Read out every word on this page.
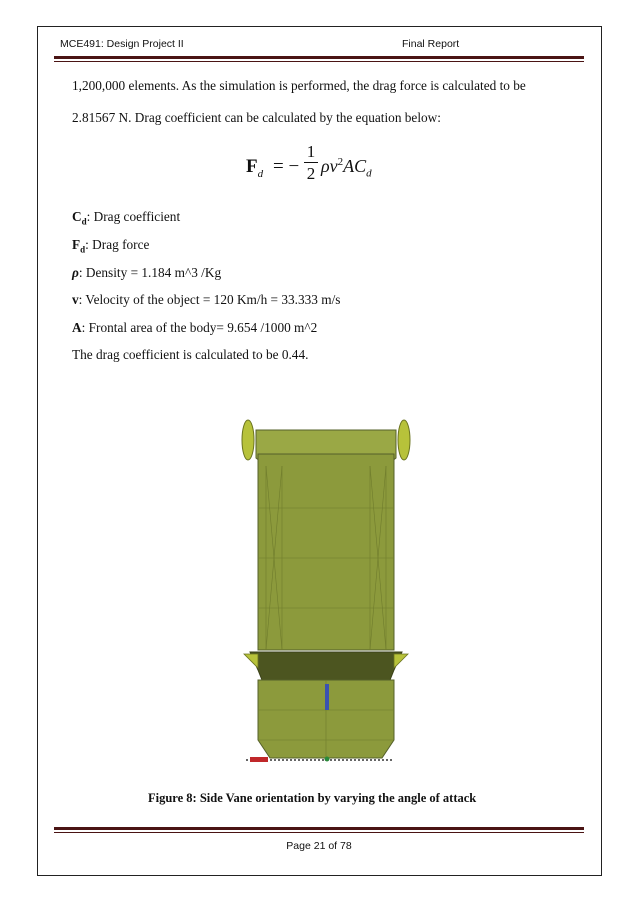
MCE491: Design Project II	Final Report
1,200,000 elements. As the simulation is performed, the drag force is calculated to be
2.81567 N. Drag coefficient can be calculated by the equation below:
$F_d$ = − $\frac{1}{2} \rho v^2AC_d$
$C_d$: Drag coefficient
$F_d$: Drag force
ρ: Density = 1.184 m^3 /Kg
v: Velocity of the object = 120 Km/h = 33.333 m/s
A: Frontal area of the body= 9.654 /1000 m^2
The drag coefficient is calculated to be 0.44.
Figure 8: Side Vane orientation by varying the angle of attack
Page 21 of 78
